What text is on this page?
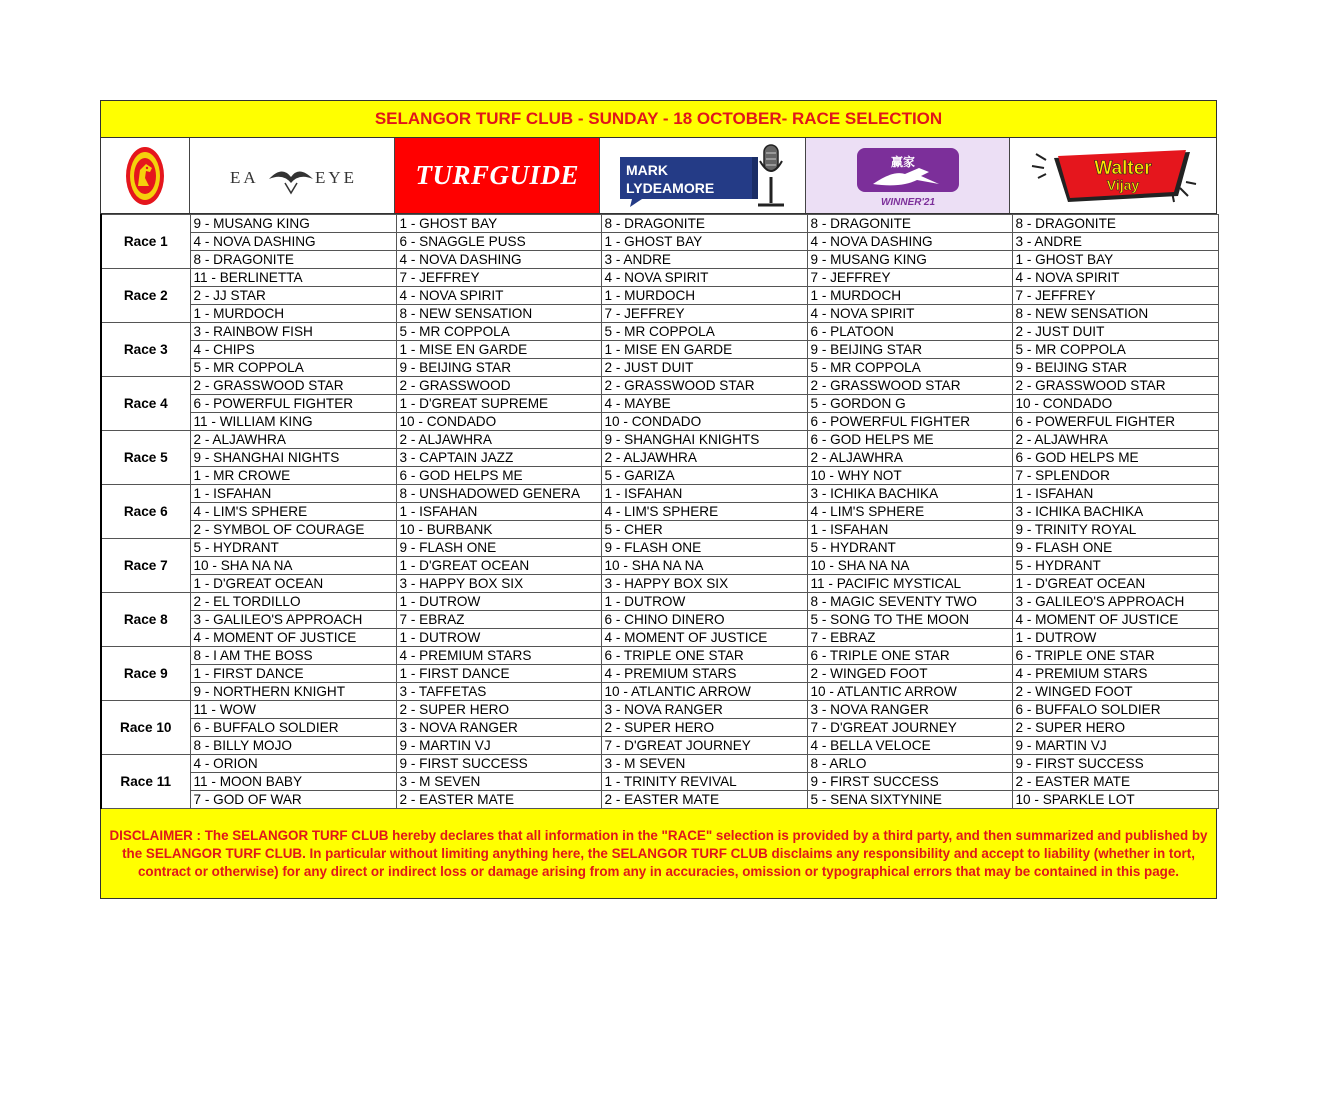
SELANGOR TURF CLUB - SUNDAY - 18 OCTOBER- RACE SELECTION
EA	EYE	TURFGUIDE	MARK
LYDEAMORE
赢家
WINNER'21
Walter
Vijay
Race 1	9 - MUSANG KING	1 - GHOST BAY	8 - DRAGONITE	8 - DRAGONITE	8 - DRAGONITE
	4 - NOVA DASHING	6 - SNAGGLE PUSS	1 - GHOST BAY	4 - NOVA DASHING	3 - ANDRE
	8 - DRAGONITE	4 - NOVA DASHING	3 - ANDRE	9 - MUSANG KING	1 - GHOST BAY
Race 2	11 - BERLINETTA	7 - JEFFREY	4 - NOVA SPIRIT	7 - JEFFREY	4 - NOVA SPIRIT
	2 - JJ STAR	4 - NOVA SPIRIT	1 - MURDOCH	1 - MURDOCH	7 - JEFFREY
	1 - MURDOCH	8 - NEW SENSATION	7 - JEFFREY	4 - NOVA SPIRIT	8 - NEW SENSATION
Race 3	3 - RAINBOW FISH	5 - MR COPPOLA	5 - MR COPPOLA	6 - PLATOON	2 - JUST DUIT
	4 - CHIPS	1 - MISE EN GARDE	1 - MISE EN GARDE	9 - BEIJING STAR	5 - MR COPPOLA
	5 - MR COPPOLA	9 - BEIJING STAR	2 - JUST DUIT	5 - MR COPPOLA	9 - BEIJING STAR
Race 4	2 - GRASSWOOD STAR	2 - GRASSWOOD	2 - GRASSWOOD STAR	2 - GRASSWOOD STAR	2 - GRASSWOOD STAR
	6 - POWERFUL FIGHTER	1 - D'GREAT SUPREME	4 - MAYBE	5 - GORDON G	10 - CONDADO
	11 - WILLIAM KING	10 - CONDADO	10 - CONDADO	6 - POWERFUL FIGHTER	6 - POWERFUL FIGHTER
Race 5	2 - ALJAWHRA	2 - ALJAWHRA	9 - SHANGHAI KNIGHTS	6 - GOD HELPS ME	2 - ALJAWHRA
	9 - SHANGHAI NIGHTS	3 - CAPTAIN JAZZ	2 - ALJAWHRA	2 - ALJAWHRA	6 - GOD HELPS ME
	1 - MR CROWE	6 - GOD HELPS ME	5 - GARIZA	10 - WHY NOT	7 - SPLENDOR
Race 6	1 - ISFAHAN	8 - UNSHADOWED GENERA	1 - ISFAHAN	3 - ICHIKA BACHIKA	1 - ISFAHAN
	4 - LIM'S SPHERE	1 - ISFAHAN	4 - LIM'S SPHERE	4 - LIM'S SPHERE	3 - ICHIKA BACHIKA
	2 - SYMBOL OF COURAGE	10 - BURBANK	5 - CHER	1 - ISFAHAN	9 - TRINITY ROYAL
Race 7	5 - HYDRANT	9 - FLASH ONE	9 - FLASH ONE	5 - HYDRANT	9 - FLASH ONE
	10 - SHA NA NA	1 - D'GREAT OCEAN	10 - SHA NA NA	10 - SHA NA NA	5 - HYDRANT
	1 - D'GREAT OCEAN	3 - HAPPY BOX SIX	3 - HAPPY BOX SIX	11 - PACIFIC MYSTICAL	1 - D'GREAT OCEAN
Race 8	2 - EL TORDILLO	1 - DUTROW	1 - DUTROW	8 - MAGIC SEVENTY TWO	3 - GALILEO'S APPROACH
	3 - GALILEO'S APPROACH	7 - EBRAZ	6 - CHINO DINERO	5 - SONG TO THE MOON	4 - MOMENT OF JUSTICE
	4 - MOMENT OF JUSTICE	1 - DUTROW	4 - MOMENT OF JUSTICE	7 - EBRAZ	1 - DUTROW
Race 9	8 - I AM THE BOSS	4 - PREMIUM STARS	6 - TRIPLE ONE STAR	6 - TRIPLE ONE STAR	6 - TRIPLE ONE STAR
	1 - FIRST DANCE	1 - FIRST DANCE	4 - PREMIUM STARS	2 - WINGED FOOT	4 - PREMIUM STARS
	9 - NORTHERN KNIGHT	3 - TAFFETAS	10 - ATLANTIC ARROW	10 - ATLANTIC ARROW	2 - WINGED FOOT
Race 10	11 - WOW	2 - SUPER HERO	3 - NOVA RANGER	3 - NOVA RANGER	6 - BUFFALO SOLDIER
	6 - BUFFALO SOLDIER	3 - NOVA RANGER	2 - SUPER HERO	7 - D'GREAT JOURNEY	2 - SUPER HERO
	8 - BILLY MOJO	9 - MARTIN VJ	7 - D'GREAT JOURNEY	4 - BELLA VELOCE	9 - MARTIN VJ
Race 11	4 - ORION	9 - FIRST SUCCESS	3 - M SEVEN	8 - ARLO	9 - FIRST SUCCESS
	11 - MOON BABY	3 - M SEVEN	1 - TRINITY REVIVAL	9 - FIRST SUCCESS	2 - EASTER MATE
	7 - GOD OF WAR	2 - EASTER MATE	2 - EASTER MATE	5 - SENA SIXTYNINE	10 - SPARKLE LOT
DISCLAIMER : The SELANGOR TURF CLUB hereby declares that all information in the "RACE" selection is provided by a third party, and then summarized and published by the SELANGOR TURF CLUB. In particular without limiting anything here, the SELANGOR TURF CLUB disclaims any responsibility and accept to liability (whether in tort, contract or otherwise) for any direct or indirect loss or damage arising from any in accuracies, omission or typographical errors that may be contained in this page.
